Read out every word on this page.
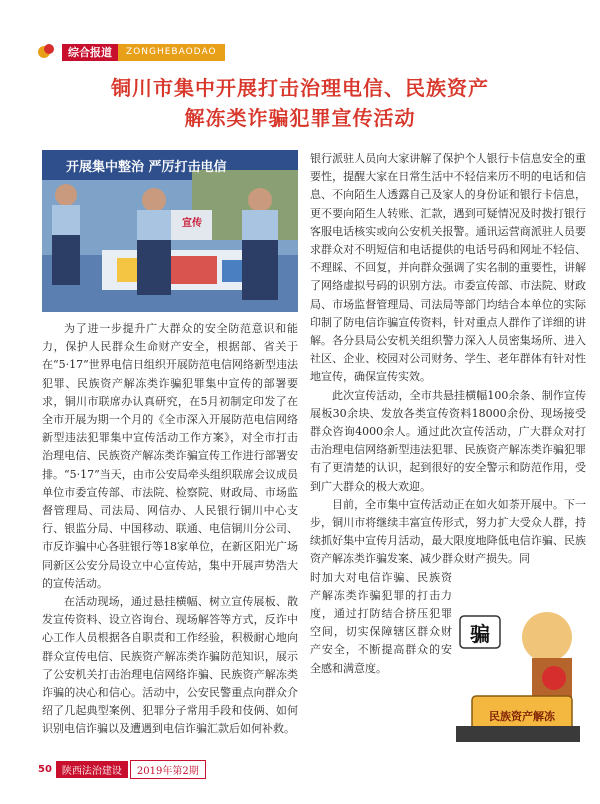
综合报道	ZONGHEBAODAO
铜川市集中开展打击治理电信、民族资产
解冻类诈骗犯罪宣传活动
开展集中整治 严厉打击电信
宣传

为了进一步提升广大群众的安全防范意识和能力，保护人民群众生命财产安全，根据部、省关于在“5·17”世界电信日组织开展防范电信网络新型违法犯罪、民族资产解冻类诈骗犯罪集中宣传的部署要求，铜川市联席办认真研究，在5月初制定印发了在全市开展为期一个月的《全市深入开展防范电信网络新型违法犯罪集中宣传活动工作方案》，对全市打击治理电信、民族资产解冻类诈骗宣传工作进行部署安排。“5·17”当天，由市公安局牵头组织联席会议成员单位市委宣传部、市法院、检察院、财政局、市场监督管理局、司法局、网信办、人民银行铜川中心支行、银监分局、中国移动、联通、电信铜川分公司、市反诈骗中心各驻银行等18家单位，在新区阳光广场同新区公安分局设立中心宣传站，集中开展声势浩大的宣传活动。

在活动现场，通过悬挂横幅、树立宣传展板、散发宣传资料、设立咨询台、现场解答等方式，反诈中心工作人员根据各自职责和工作经验，积极耐心地向群众宣传电信、民族资产解冻类诈骗防范知识，展示了公安机关打击治理电信网络诈骗、民族资产解冻类诈骗的决心和信心。活动中，公安民警重点向群众介绍了几起典型案例、犯罪分子常用手段和伎俩、如何识别电信诈骗以及遭遇到电信诈骗汇款后如何补救。

银行派驻人员向大家讲解了保护个人银行卡信息安全的重要性，提醒大家在日常生活中不轻信来历不明的电话和信息、不向陌生人透露自己及家人的身份证和银行卡信息，更不要向陌生人转账、汇款，遇到可疑情况及时拨打银行客服电话核实或向公安机关报警。通讯运营商派驻人员要求群众对不明短信和电话提供的电话号码和网址不轻信、不理睬、不回复，并向群众强调了实名制的重要性，讲解了网络虚拟号码的识别方法。市委宣传部、市法院、财政局、市场监督管理局、司法局等部门均结合本单位的实际印制了防电信诈骗宣传资料，针对重点人群作了详细的讲解。各分县局公安机关组织警力深入人员密集场所、进入社区、企业、校园对公司财务、学生、老年群体有针对性地宣传，确保宣传实效。

此次宣传活动，全市共悬挂横幅100余条、制作宣传展板30余块、发放各类宣传资料18000余份、现场接受群众咨询4000余人。通过此次宣传活动，广大群众对打击治理电信网络新型违法犯罪、民族资产解冻类诈骗犯罪有了更清楚的认识，起到很好的安全警示和防范作用，受到广大群众的极大欢迎。

目前，全市集中宣传活动正在如火如荼开展中。下一步，铜川市将继续丰富宣传形式，努力扩大受众人群，持续抓好集中宣传月活动，最大限度地降低电信诈骗、民族资产解冻类诈骗发案、减少群众财产损失。同

时加大对电信诈骗、民族资产解冻类诈骗犯罪的打击力度，通过打防结合挤压犯罪空间，切实保障辖区群众财产安全，不断提高群众的安全感和满意度。

骗
民族资产解冻
50	陕西法治建设	2019年第2期
